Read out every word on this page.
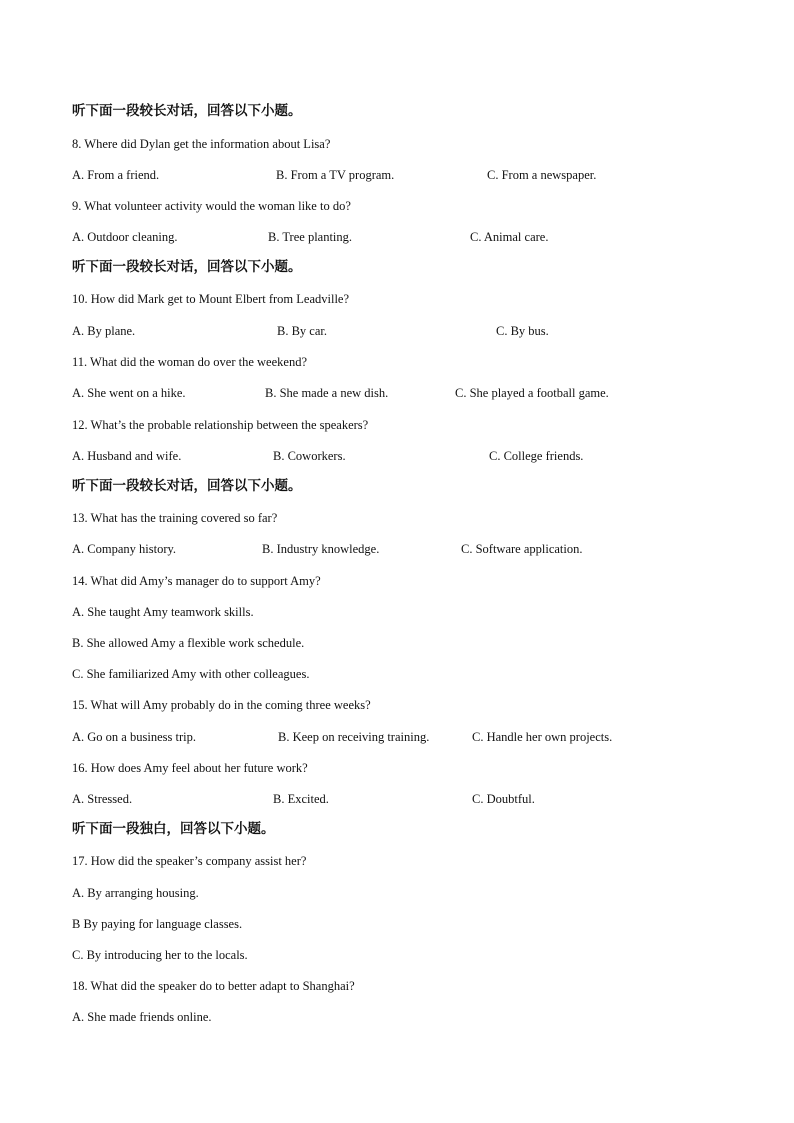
听下面一段较长对话，回答以下小题。
8. Where did Dylan get the information about Lisa?
A. From a friend.	B. From a TV program.	C. From a newspaper.
9. What volunteer activity would the woman like to do?
A. Outdoor cleaning.	B. Tree planting.	C. Animal care.
听下面一段较长对话，回答以下小题。
10. How did Mark get to Mount Elbert from Leadville?
A. By plane.	B. By car.	C. By bus.
11. What did the woman do over the weekend?
A. She went on a hike.	B. She made a new dish.	C. She played a football game.
12. What’s the probable relationship between the speakers?
A. Husband and wife.	B. Coworkers.	C. College friends.
听下面一段较长对话，回答以下小题。
13. What has the training covered so far?
A. Company history.	B. Industry knowledge.	C. Software application.
14. What did Amy’s manager do to support Amy?
A. She taught Amy teamwork skills.
B. She allowed Amy a flexible work schedule.
C. She familiarized Amy with other colleagues.
15. What will Amy probably do in the coming three weeks?
A. Go on a business trip.	B. Keep on receiving training.	C. Handle her own projects.
16. How does Amy feel about her future work?
A. Stressed.	B. Excited.	C. Doubtful.
听下面一段独白，回答以下小题。
17. How did the speaker’s company assist her?
A. By arranging housing.
B By paying for language classes.
C. By introducing her to the locals.
18. What did the speaker do to better adapt to Shanghai?
A. She made friends online.
